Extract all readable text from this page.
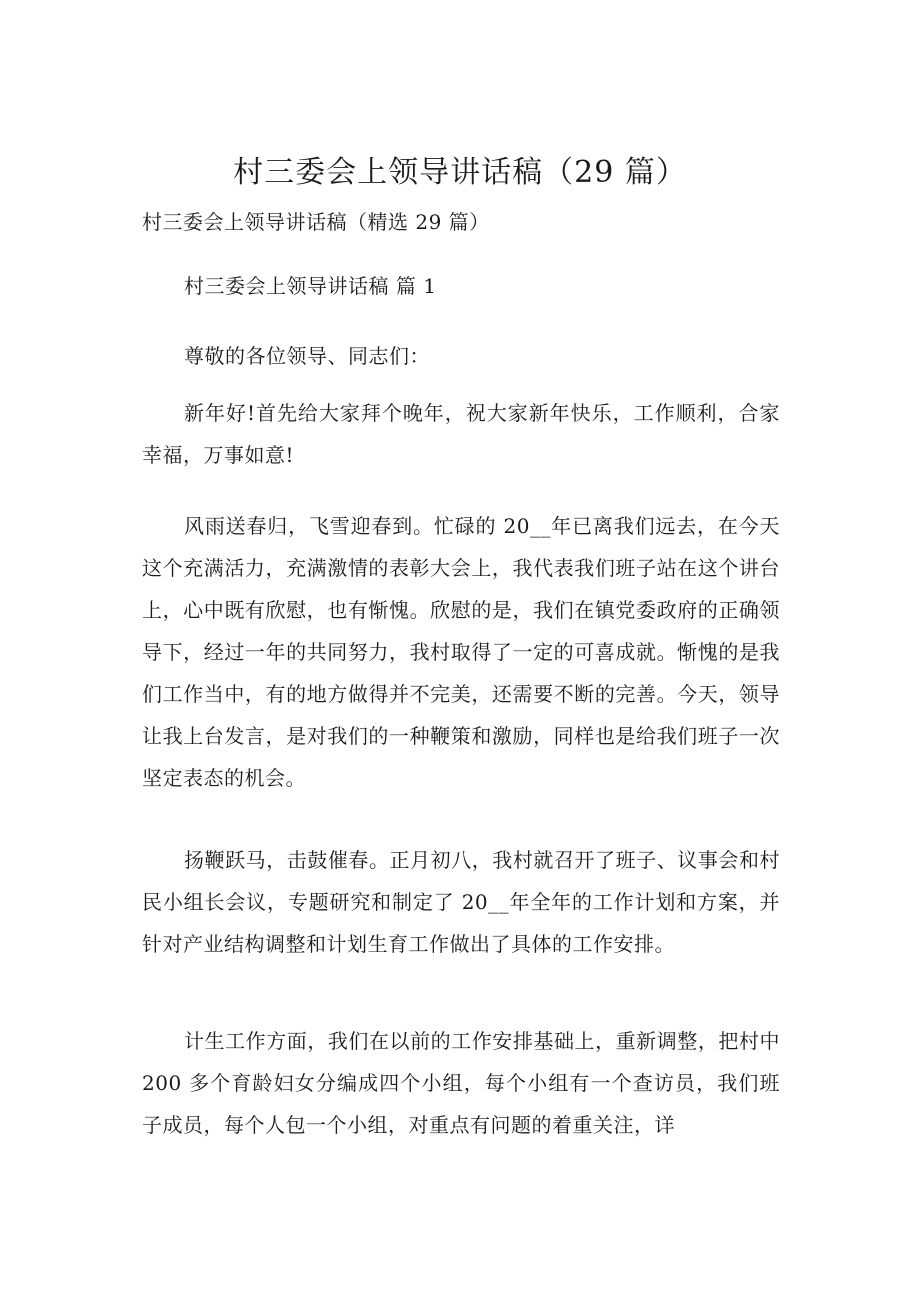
村三委会上领导讲话稿（29 篇）

村三委会上领导讲话稿（精选 29 篇）

村三委会上领导讲话稿 篇 1

尊敬的各位领导、同志们：

新年好!首先给大家拜个晚年，祝大家新年快乐，工作顺利，合家幸福，万事如意!

风雨送春归，飞雪迎春到。忙碌的 20__年已离我们远去，在今天这个充满活力，充满激情的表彰大会上，我代表我们班子站在这个讲台上，心中既有欣慰，也有惭愧。欣慰的是，我们在镇党委政府的正确领导下，经过一年的共同努力，我村取得了一定的可喜成就。惭愧的是我们工作当中，有的地方做得并不完美，还需要不断的完善。今天，领导让我上台发言，是对我们的一种鞭策和激励，同样也是给我们班子一次坚定表态的机会。

扬鞭跃马，击鼓催春。正月初八，我村就召开了班子、议事会和村民小组长会议，专题研究和制定了 20__年全年的工作计划和方案，并针对产业结构调整和计划生育工作做出了具体的工作安排。

计生工作方面，我们在以前的工作安排基础上，重新调整，把村中 200 多个育龄妇女分编成四个小组，每个小组有一个查访员，我们班子成员，每个人包一个小组，对重点有问题的着重关注，详
